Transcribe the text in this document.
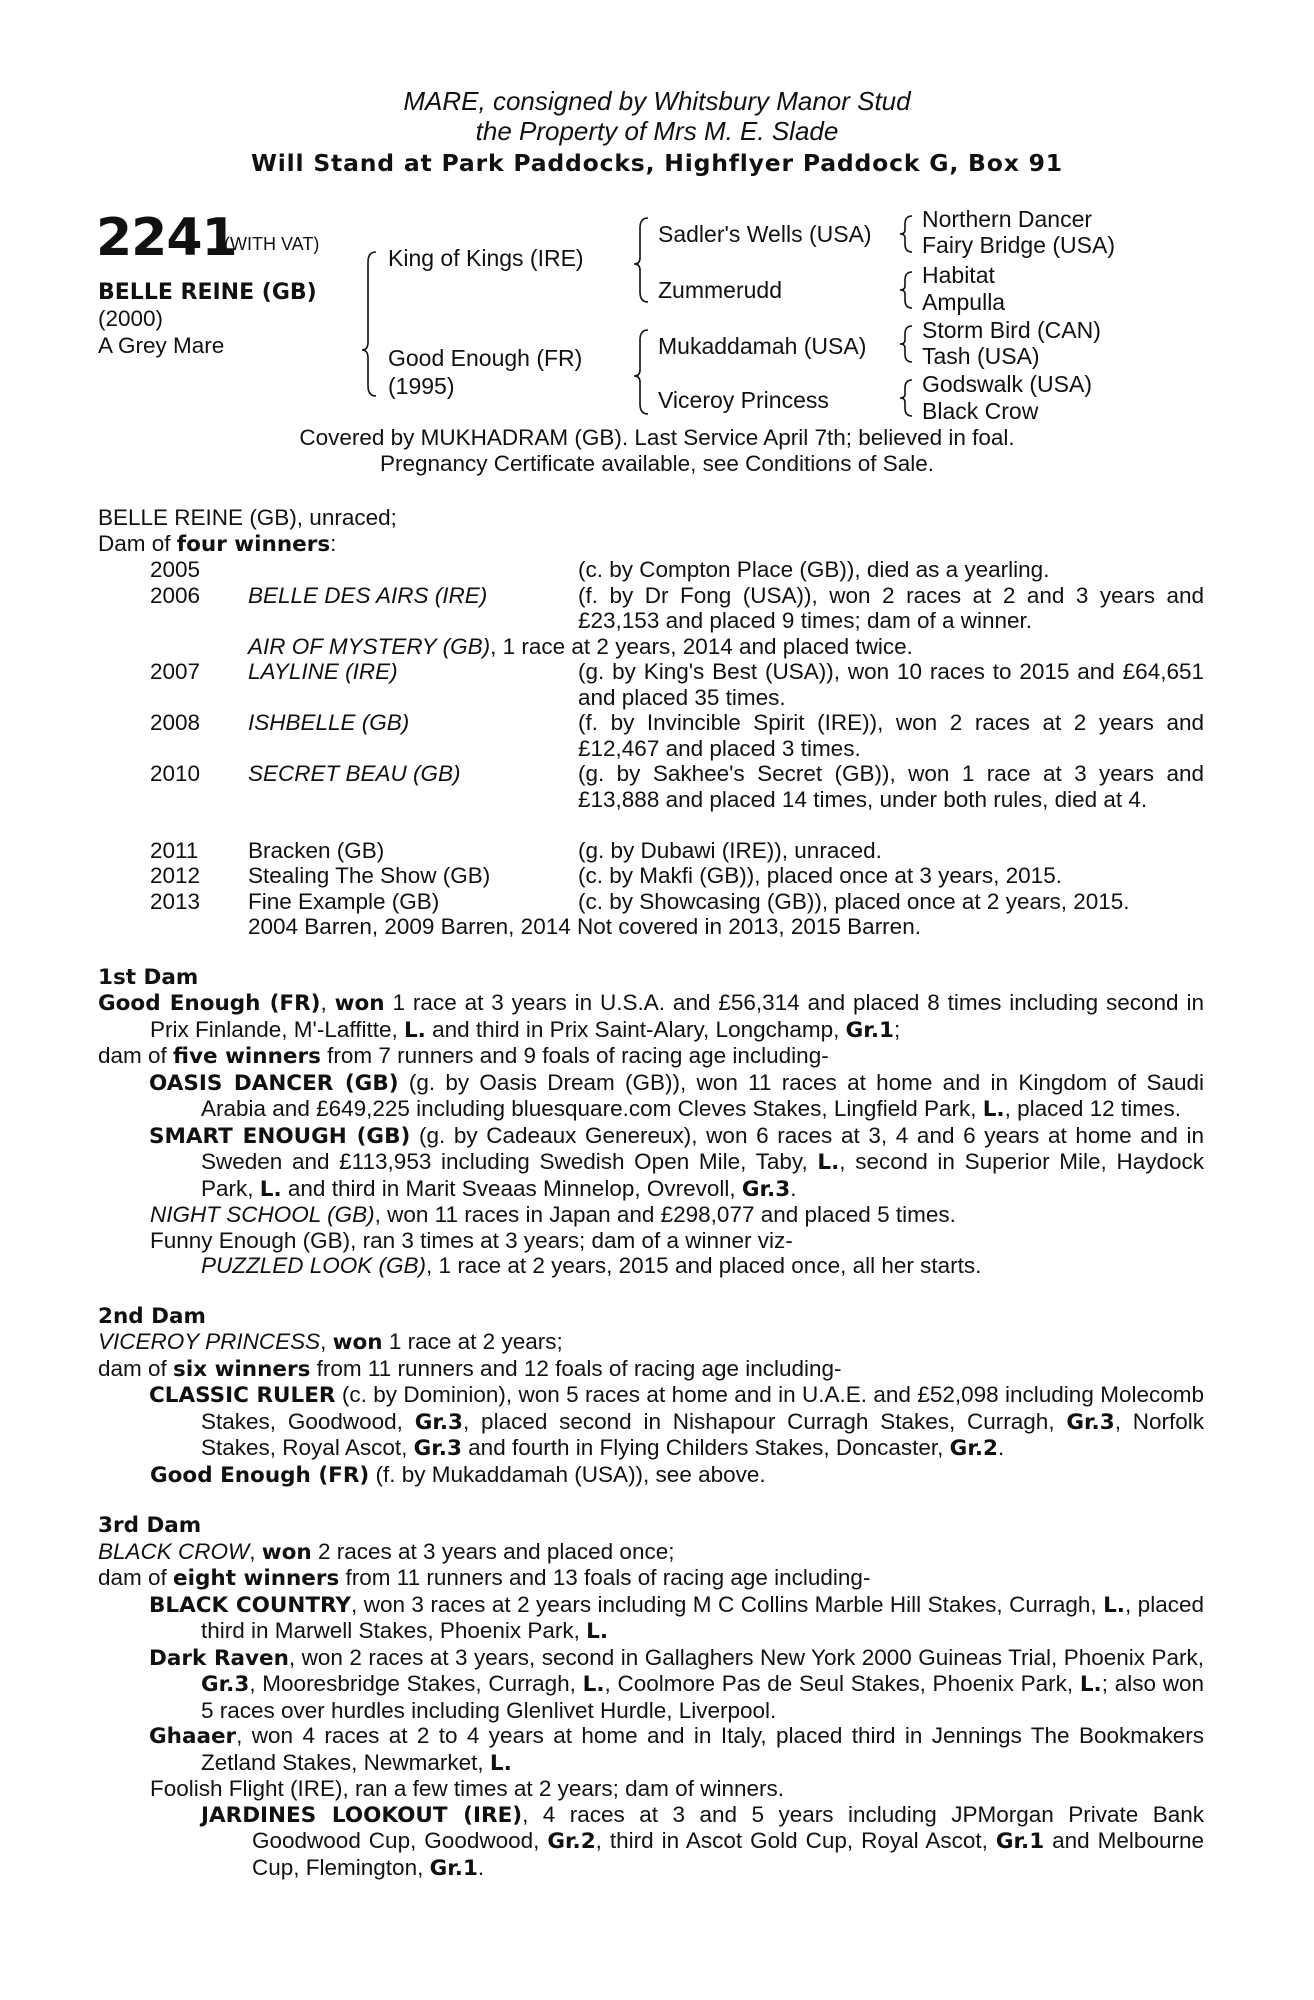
MARE, consigned by Whitsbury Manor Stud
the Property of Mrs M. E. Slade
Will Stand at Park Paddocks, Highflyer Paddock G, Box 91
2241
(WITH VAT)
BELLE REINE (GB)
(2000)
A Grey Mare
King of Kings (IRE)
Good Enough (FR)
(1995)
Sadler's Wells (USA)
Zummerudd
Mukaddamah (USA)
Viceroy Princess
Northern Dancer
Fairy Bridge (USA)
Habitat
Ampulla
Storm Bird (CAN)
Tash (USA)
Godswalk (USA)
Black Crow
Covered by MUKHADRAM (GB). Last Service April 7th; believed in foal.
Pregnancy Certificate available, see Conditions of Sale.
BELLE REINE (GB), unraced;
Dam of four winners:
2005	(c. by Compton Place (GB)), died as a yearling.
2006 BELLE DES AIRS (IRE)	(f. by Dr Fong (USA)), won 2 races at 2 and 3 years and £23,153 and placed 9 times; dam of a winner.
AIR OF MYSTERY (GB), 1 race at 2 years, 2014 and placed twice.
2007 LAYLINE (IRE)	(g. by King's Best (USA)), won 10 races to 2015 and £64,651 and placed 35 times.
2008 ISHBELLE (GB)	(f. by Invincible Spirit (IRE)), won 2 races at 2 years and £12,467 and placed 3 times.
2010 SECRET BEAU (GB)	(g. by Sakhee's Secret (GB)), won 1 race at 3 years and £13,888 and placed 14 times, under both rules, died at 4.
2011 Bracken (GB)	(g. by Dubawi (IRE)), unraced.
2012 Stealing The Show (GB)	(c. by Makfi (GB)), placed once at 3 years, 2015.
2013 Fine Example (GB)	(c. by Showcasing (GB)), placed once at 2 years, 2015.
2004 Barren, 2009 Barren, 2014 Not covered in 2013, 2015 Barren.
1st Dam
Good Enough (FR), won 1 race at 3 years in U.S.A. and £56,314 and placed 8 times including second in Prix Finlande, M'-Laffitte, L. and third in Prix Saint-Alary, Longchamp, Gr.1;
dam of five winners from 7 runners and 9 foals of racing age including-
OASIS DANCER (GB) (g. by Oasis Dream (GB)), won 11 races at home and in Kingdom of Saudi Arabia and £649,225 including bluesquare.com Cleves Stakes, Lingfield Park, L., placed 12 times.
SMART ENOUGH (GB) (g. by Cadeaux Genereux), won 6 races at 3, 4 and 6 years at home and in Sweden and £113,953 including Swedish Open Mile, Taby, L., second in Superior Mile, Haydock Park, L. and third in Marit Sveaas Minnelop, Ovrevoll, Gr.3.
NIGHT SCHOOL (GB), won 11 races in Japan and £298,077 and placed 5 times.
Funny Enough (GB), ran 3 times at 3 years; dam of a winner viz-
PUZZLED LOOK (GB), 1 race at 2 years, 2015 and placed once, all her starts.
2nd Dam
VICEROY PRINCESS, won 1 race at 2 years;
dam of six winners from 11 runners and 12 foals of racing age including-
CLASSIC RULER (c. by Dominion), won 5 races at home and in U.A.E. and £52,098 including Molecomb Stakes, Goodwood, Gr.3, placed second in Nishapour Curragh Stakes, Curragh, Gr.3, Norfolk Stakes, Royal Ascot, Gr.3 and fourth in Flying Childers Stakes, Doncaster, Gr.2.
Good Enough (FR) (f. by Mukaddamah (USA)), see above.
3rd Dam
BLACK CROW, won 2 races at 3 years and placed once;
dam of eight winners from 11 runners and 13 foals of racing age including-
BLACK COUNTRY, won 3 races at 2 years including M C Collins Marble Hill Stakes, Curragh, L., placed third in Marwell Stakes, Phoenix Park, L.
Dark Raven, won 2 races at 3 years, second in Gallaghers New York 2000 Guineas Trial, Phoenix Park, Gr.3, Mooresbridge Stakes, Curragh, L., Coolmore Pas de Seul Stakes, Phoenix Park, L.; also won 5 races over hurdles including Glenlivet Hurdle, Liverpool.
Ghaaer, won 4 races at 2 to 4 years at home and in Italy, placed third in Jennings The Bookmakers Zetland Stakes, Newmarket, L.
Foolish Flight (IRE), ran a few times at 2 years; dam of winners.
JARDINES LOOKOUT (IRE), 4 races at 3 and 5 years including JPMorgan Private Bank Goodwood Cup, Goodwood, Gr.2, third in Ascot Gold Cup, Royal Ascot, Gr.1 and Melbourne Cup, Flemington, Gr.1.
